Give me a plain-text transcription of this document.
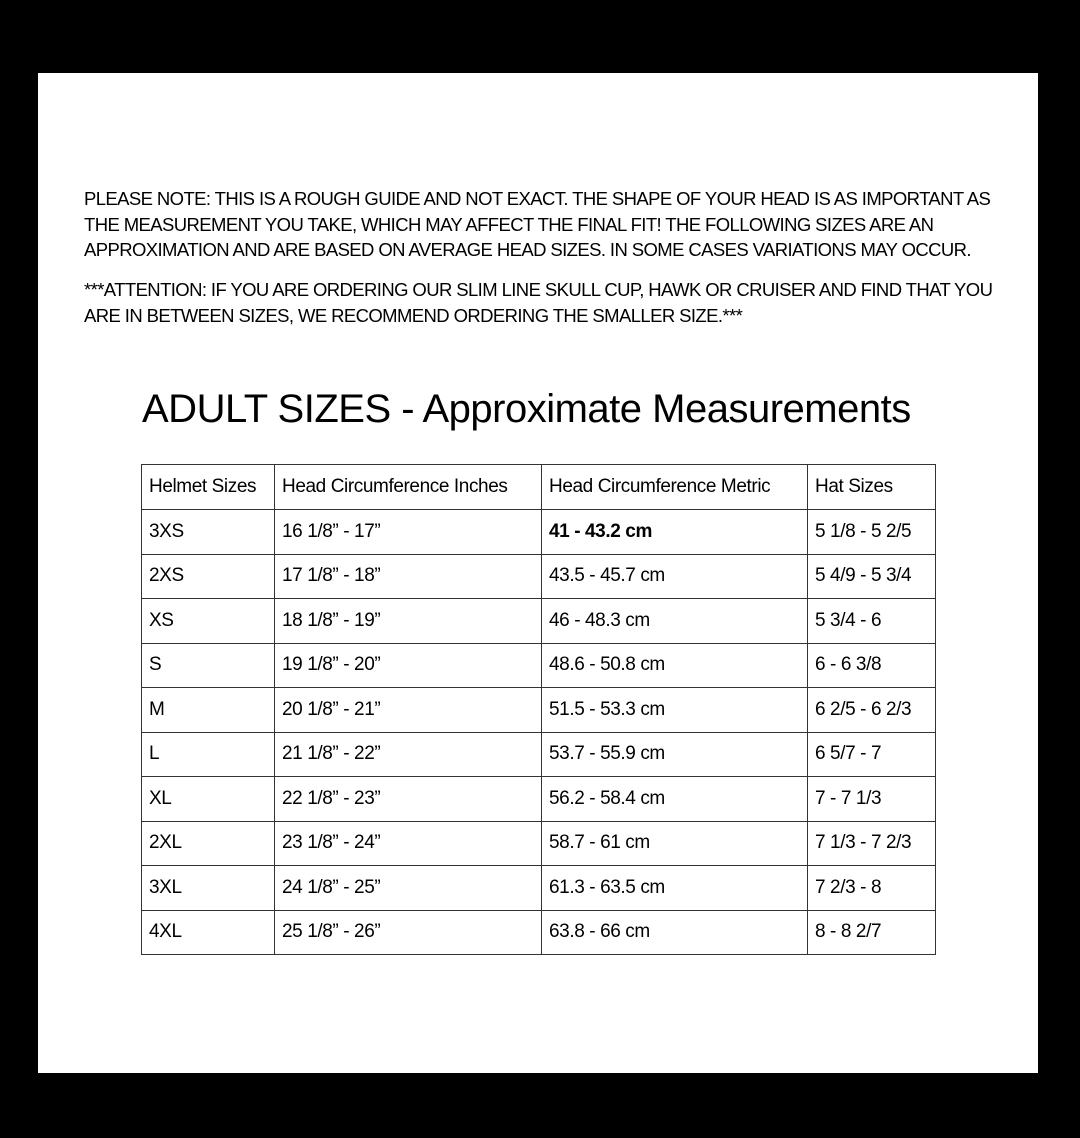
PLEASE NOTE: THIS IS A ROUGH GUIDE AND NOT EXACT. THE SHAPE OF YOUR HEAD IS AS IMPORTANT AS THE MEASUREMENT YOU TAKE, WHICH MAY AFFECT THE FINAL FIT! THE FOLLOWING SIZES ARE AN APPROXIMATION AND ARE BASED ON AVERAGE HEAD SIZES. IN SOME CASES VARIATIONS MAY OCCUR.

***ATTENTION: IF YOU ARE ORDERING OUR SLIM LINE SKULL CUP, HAWK OR CRUISER AND FIND THAT YOU ARE IN BETWEEN SIZES, WE RECOMMEND ORDERING THE SMALLER SIZE.***

ADULT SIZES - Approximate Measurements
Helmet Sizes	Head Circumference Inches	Head Circumference Metric	Hat Sizes
3XS	16 1/8” - 17”	41 - 43.2 cm	5 1/8 - 5 2/5
2XS	17 1/8” - 18”	43.5 - 45.7 cm	5 4/9 - 5 3/4
XS	18 1/8” - 19”	46 - 48.3 cm	5 3/4 - 6
S	19 1/8” - 20”	48.6 - 50.8 cm	6 - 6 3/8
M	20 1/8” - 21”	51.5 - 53.3 cm	6 2/5 - 6 2/3
L	21 1/8” - 22”	53.7 - 55.9 cm	6 5/7 - 7
XL	22 1/8” - 23”	56.2 - 58.4 cm	7 - 7 1/3
2XL	23 1/8” - 24”	58.7 - 61 cm	7 1/3 - 7 2/3
3XL	24 1/8” - 25”	61.3 - 63.5 cm	7 2/3 - 8
4XL	25 1/8” - 26”	63.8 - 66 cm	8 - 8 2/7
